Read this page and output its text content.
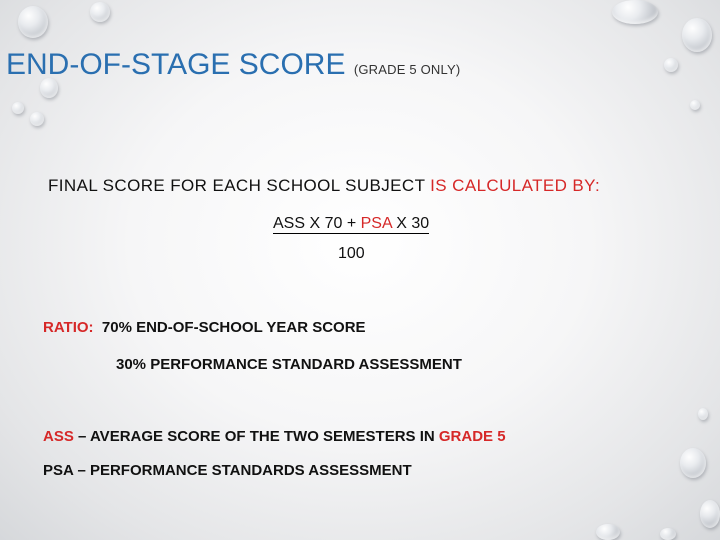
END-OF-STAGE SCORE (GRADE 5 ONLY)
FINAL SCORE FOR EACH SCHOOL SUBJECT IS CALCULATED BY:
ASS X 70 + PSA X 30
100
RATIO: 70% END-OF-SCHOOL YEAR SCORE
30% PERFORMANCE STANDARD ASSESSMENT
ASS – AVERAGE SCORE OF THE TWO SEMESTERS IN GRADE 5
PSA – PERFORMANCE STANDARDS ASSESSMENT
